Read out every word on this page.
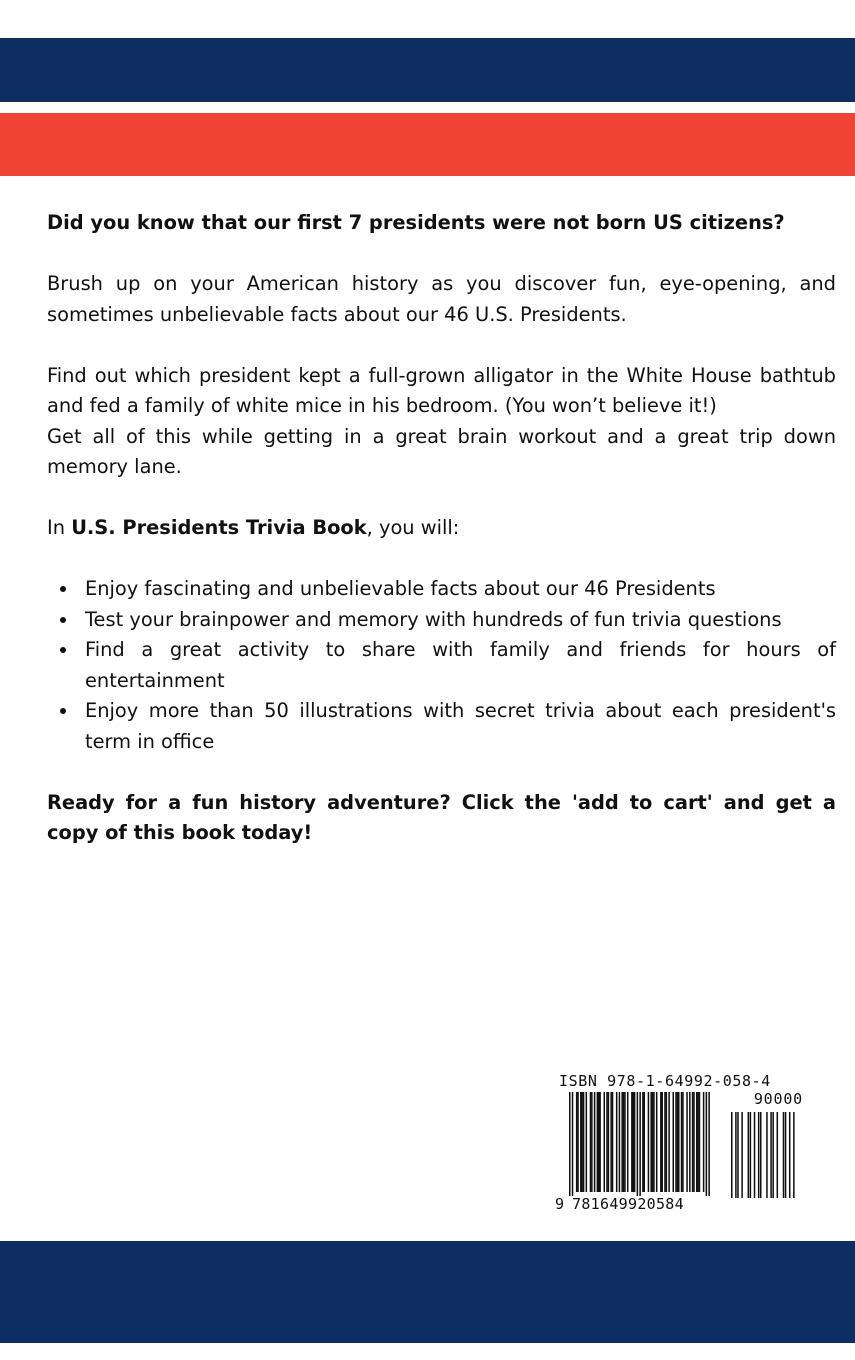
Did you know that our first 7 presidents were not born US citizens?

Brush up on your American history as you discover fun, eye-opening, and sometimes unbelievable facts about our 46 U.S. Presidents.

Find out which president kept a full-grown alligator in the White House bathtub and fed a family of white mice in his bedroom. (You won’t believe it!)

Get all of this while getting in a great brain workout and a great trip down memory lane.

In U.S. Presidents Trivia Book, you will:

Enjoy fascinating and unbelievable facts about our 46 Presidents
Test your brainpower and memory with hundreds of fun trivia questions
Find a great activity to share with family and friends for hours of entertainment
Enjoy more than 50 illustrations with secret trivia about each president's term in office

Ready for a fun history adventure? Click the 'add to cart' and get a copy of this book today!

ISBN 978-1-64992-058-4
90000
9 781649920584
